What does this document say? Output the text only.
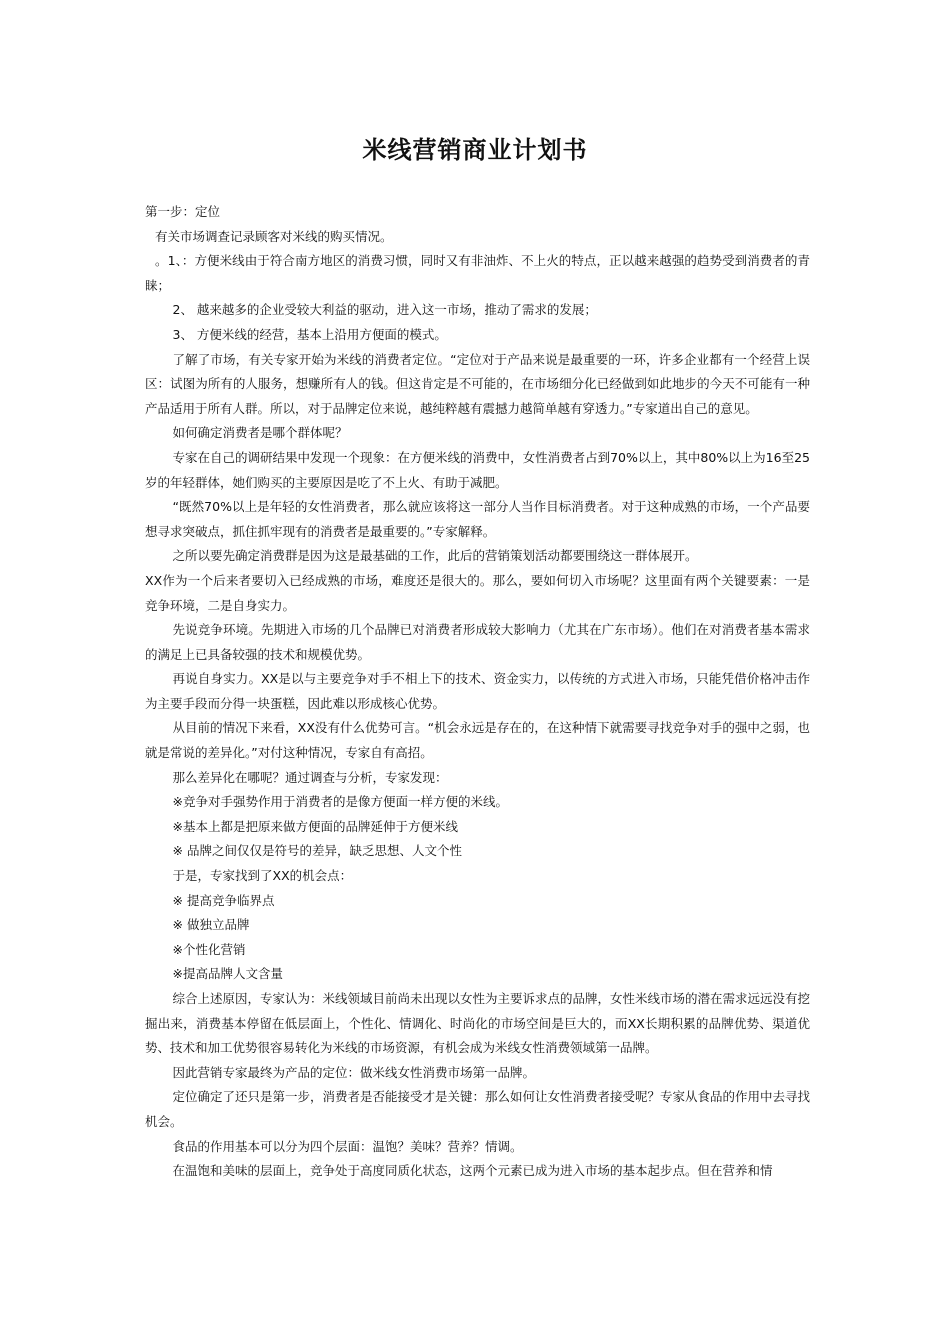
米线营销商业计划书

第一步：定位

有关市场调查记录顾客对米线的购买情况。

。1、：方便米线由于符合南方地区的消费习惯，同时又有非油炸、不上火的特点，正以越来越强的趋势受到消费者的青睐；

2、 越来越多的企业受较大利益的驱动，进入这一市场，推动了需求的发展；

3、 方便米线的经营，基本上沿用方便面的模式。

了解了市场，有关专家开始为米线的消费者定位。“定位对于产品来说是最重要的一环，许多企业都有一个经营上误区：试图为所有的人服务，想赚所有人的钱。但这肯定是不可能的，在市场细分化已经做到如此地步的今天不可能有一种产品适用于所有人群。所以，对于品牌定位来说，越纯粹越有震撼力越简单越有穿透力。”专家道出自己的意见。

如何确定消费者是哪个群体呢？

专家在自己的调研结果中发现一个现象：在方便米线的消费中，女性消费者占到70%以上，其中80%以上为16至25岁的年轻群体，她们购买的主要原因是吃了不上火、有助于减肥。

“既然70%以上是年轻的女性消费者，那么就应该将这一部分人当作目标消费者。对于这种成熟的市场，一个产品要想寻求突破点，抓住抓牢现有的消费者是最重要的。”专家解释。

之所以要先确定消费群是因为这是最基础的工作，此后的营销策划活动都要围绕这一群体展开。

XX作为一个后来者要切入已经成熟的市场，难度还是很大的。那么，要如何切入市场呢？这里面有两个关键要素：一是竞争环境，二是自身实力。

先说竞争环境。先期进入市场的几个品牌已对消费者形成较大影响力（尤其在广东市场）。他们在对消费者基本需求的满足上已具备较强的技术和规模优势。

再说自身实力。XX是以与主要竞争对手不相上下的技术、资金实力，以传统的方式进入市场，只能凭借价格冲击作为主要手段而分得一块蛋糕，因此难以形成核心优势。

从目前的情况下来看，XX没有什么优势可言。“机会永远是存在的，在这种情下就需要寻找竞争对手的强中之弱，也就是常说的差异化。”对付这种情况，专家自有高招。

那么差异化在哪呢？通过调查与分析，专家发现：

※竞争对手强势作用于消费者的是像方便面一样方便的米线。

※基本上都是把原来做方便面的品牌延伸于方便米线

※ 品牌之间仅仅是符号的差异，缺乏思想、人文个性

于是，专家找到了XX的机会点：

※ 提高竞争临界点

※ 做独立品牌

※个性化营销

※提高品牌人文含量

综合上述原因，专家认为：米线领域目前尚未出现以女性为主要诉求点的品牌，女性米线市场的潜在需求远远没有挖掘出来，消费基本停留在低层面上，个性化、情调化、时尚化的市场空间是巨大的，而XX长期积累的品牌优势、渠道优势、技术和加工优势很容易转化为米线的市场资源，有机会成为米线女性消费领域第一品牌。

因此营销专家最终为产品的定位：做米线女性消费市场第一品牌。

定位确定了还只是第一步，消费者是否能接受才是关键：那么如何让女性消费者接受呢？专家从食品的作用中去寻找机会。

食品的作用基本可以分为四个层面：温饱？美味？营养？情调。

在温饱和美味的层面上，竞争处于高度同质化状态，这两个元素已成为进入市场的基本起步点。但在营养和情
